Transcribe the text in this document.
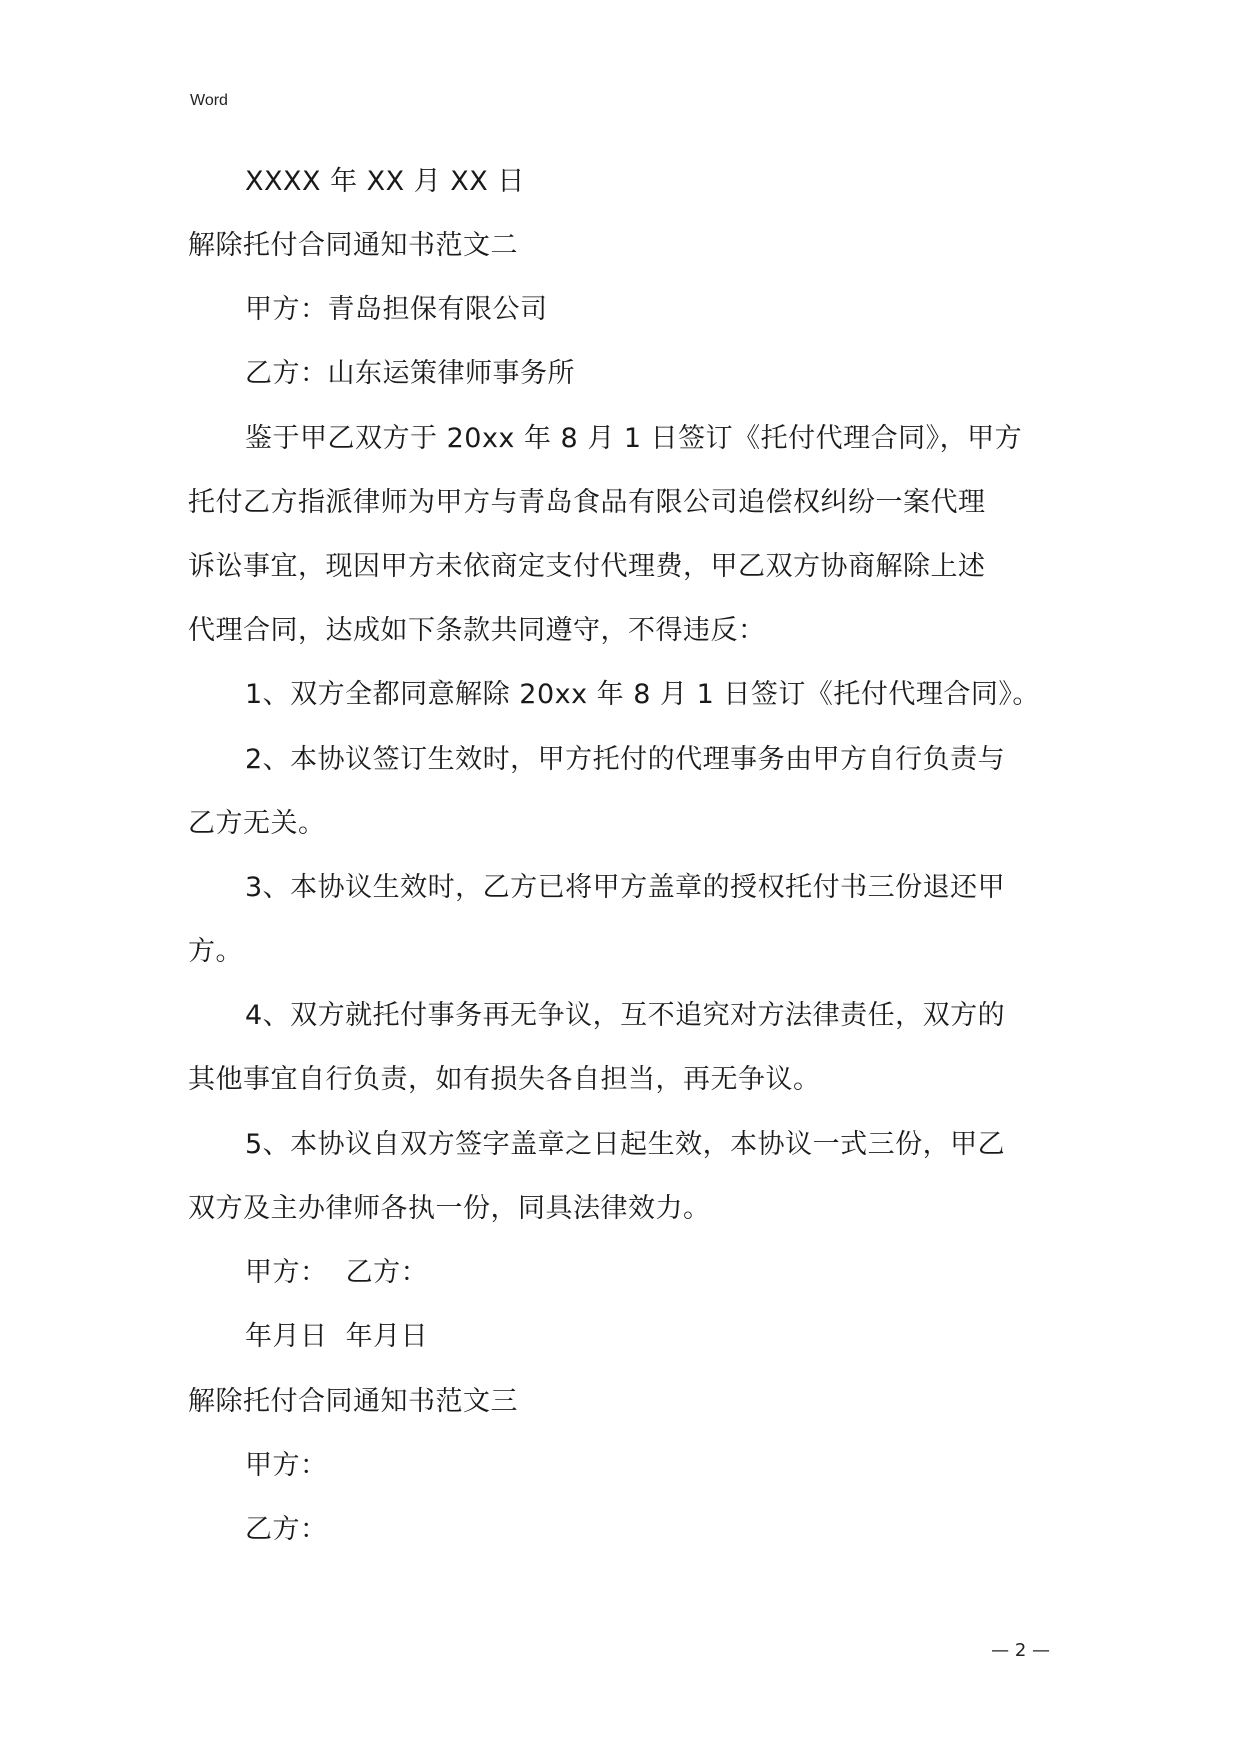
Word
XXXX 年 XX 月 XX 日
解除托付合同通知书范文二
甲方：青岛担保有限公司
乙方：山东运策律师事务所
鉴于甲乙双方于 20xx 年 8 月 1 日签订《托付代理合同》，甲方
托付乙方指派律师为甲方与青岛食品有限公司追偿权纠纷一案代理
诉讼事宜，现因甲方未依商定支付代理费，甲乙双方协商解除上述
代理合同，达成如下条款共同遵守，不得违反：
1、双方全都同意解除 20xx 年 8 月 1 日签订《托付代理合同》。
2、本协议签订生效时，甲方托付的代理事务由甲方自行负责与
乙方无关。
3、本协议生效时，乙方已将甲方盖章的授权托付书三份退还甲
方。
4、双方就托付事务再无争议，互不追究对方法律责任，双方的
其他事宜自行负责，如有损失各自担当，再无争议。
5、本协议自双方签字盖章之日起生效，本协议一式三份，甲乙
双方及主办律师各执一份，同具法律效力。
甲方：  乙方：
年月日  年月日
解除托付合同通知书范文三
甲方：
乙方：
— 2 —
